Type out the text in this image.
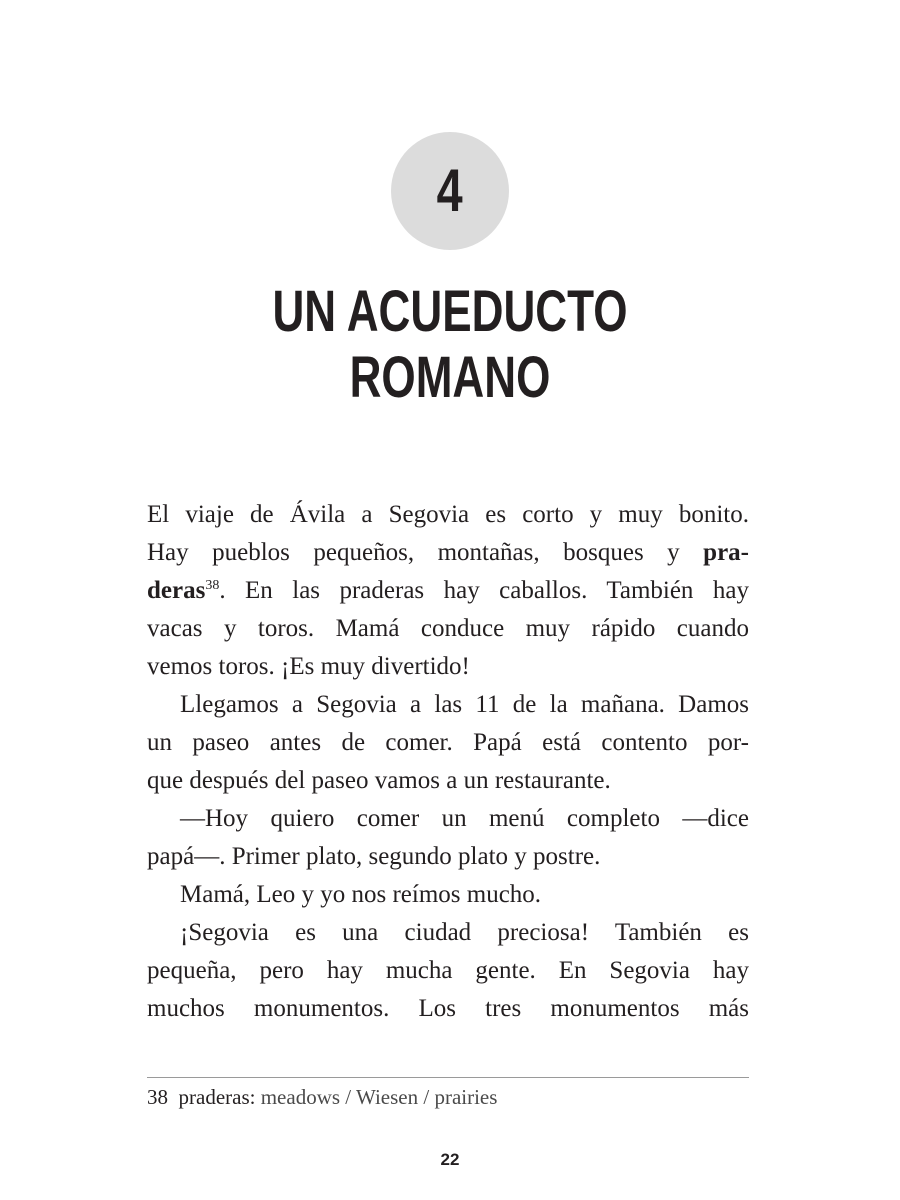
4
UN ACUEDUCTO
ROMANO
El viaje de Ávila a Segovia es corto y muy bonito.
Hay pueblos pequeños, montañas, bosques y pra-
deras$^{38}$. En las praderas hay caballos. También hay
vacas y toros. Mamá conduce muy rápido cuando
vemos toros. ¡Es muy divertido!
Llegamos a Segovia a las 11 de la mañana. Damos
un paseo antes de comer. Papá está contento por-
que después del paseo vamos a un restaurante.
—Hoy quiero comer un menú completo —dice
papá—. Primer plato, segundo plato y postre.
Mamá, Leo y yo nos reímos mucho.
¡Segovia es una ciudad preciosa! También es
pequeña, pero hay mucha gente. En Segovia hay
muchos monumentos. Los tres monumentos más
38 praderas: meadows / Wiesen / prairies
22
